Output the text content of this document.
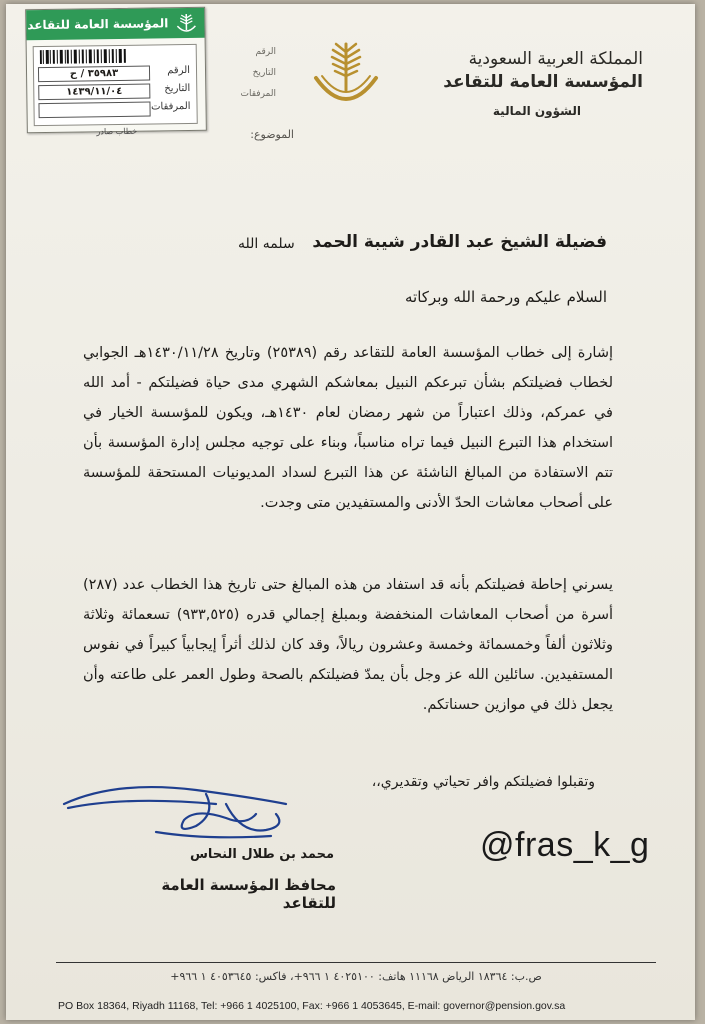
المؤسسة العامة للتقاعد
الرقم
٣٥٩٨٣ / ح
التاريخ
١٤٣٩/١١/٠٤
المرفقات
خطاب صادر
الرقم
التاريخ
المرفقات
الموضوع:
المملكة العربية السعودية
المؤسسة العامة للتقاعد
الشؤون المالية
فضيلة الشيخ عبد القادر شيبة الحمد
سلمه الله
السلام عليكم ورحمة الله وبركاته
إشارة إلى خطاب المؤسسة العامة للتقاعد رقم (٢٥٣٨٩) وتاريخ ١٤٣٠/١١/٢٨هـ الجوابي لخطاب فضيلتكم بشأن تبرعكم النبيل بمعاشكم الشهري مدى حياة فضيلتكم - أمد الله في عمركم، وذلك اعتباراً من شهر رمضان لعام ١٤٣٠هـ، ويكون للمؤسسة الخيار في استخدام هذا التبرع النبيل فيما تراه مناسباً، وبناء على توجيه مجلس إدارة المؤسسة بأن تتم الاستفادة من المبالغ الناشئة عن هذا التبرع لسداد المديونيات المستحقة للمؤسسة على أصحاب معاشات الحدّ الأدنى والمستفيدين متى وجدت.
يسرني إحاطة فضيلتكم بأنه قد استفاد من هذه المبالغ حتى تاريخ هذا الخطاب عدد (٢٨٧) أسرة من أصحاب المعاشات المنخفضة وبمبلغ إجمالي قدره (٩٣٣,٥٢٥) تسعمائة وثلاثة وثلاثون ألفاً وخمسمائة وخمسة وعشرون ريالاً، وقد كان لذلك أثراً إيجابياً كبيراً في نفوس المستفيدين. سائلين الله عز وجل بأن يمدّ فضيلتكم بالصحة وطول العمر على طاعته وأن يجعل ذلك في موازين حسناتكم.
وتقبلوا فضيلتكم وافر تحياتي وتقديري،،
محمد بن طلال النحاس
محافظ المؤسسة العامة للتقاعد
@fras_k_g
ص.ب: ١٨٣٦٤ الرياض ١١١٦٨ هاتف: ٤٠٢٥١٠٠ ١ ٩٦٦+، فاكس: ٤٠٥٣٦٤٥ ١ ٩٦٦+
PO Box 18364, Riyadh 11168, Tel: +966 1 4025100, Fax: +966 1 4053645, E-mail: governor@pension.gov.sa
